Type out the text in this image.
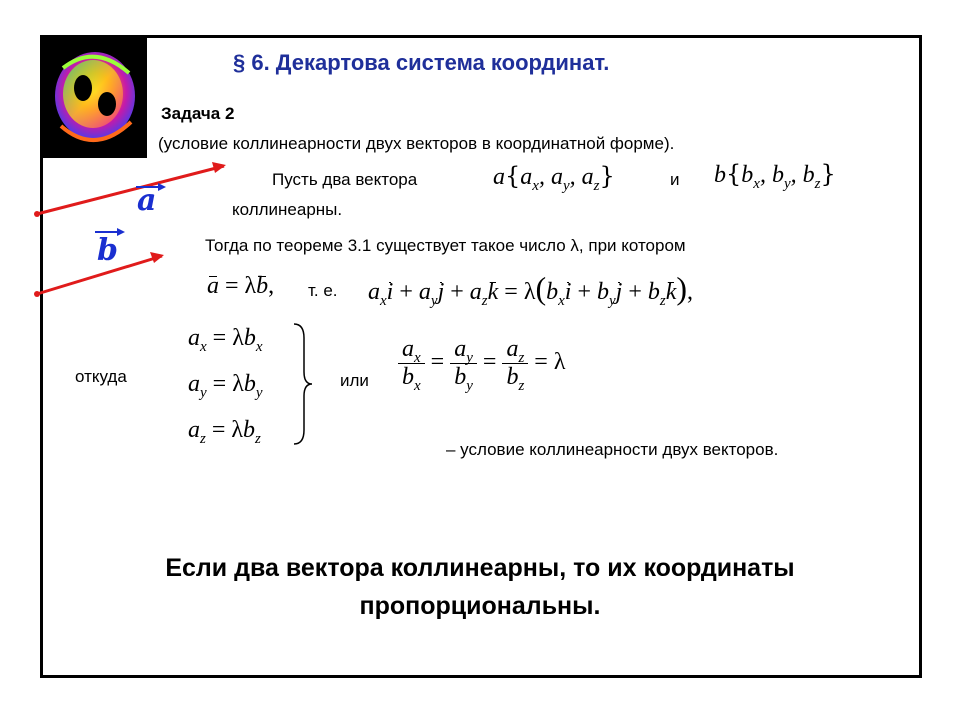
§ 6. Декартова система координат.
Задача 2
(условие коллинеарности двух векторов в координатной форме).
a
b
Пусть два вектора	$a\{a_x$, $a_y$, $a_z$}	и $b\{b_x$, $b_y$, $b_z$}
коллинеарны.
Тогда по теореме 3.1 существует такое число λ, при котором
a = λb, т. е. $a_xi + a_yj + a_zk = \lambda(b_xi + b_yj + b_zk)$,
откуда
$a_x = \lambda b_x$
$a_y = \lambda b_y$
$a_z = \lambda b_z$
или $\frac{a_x}{b_x} = \frac{a_y}{b_y} = \frac{a_z}{b_z} = \lambda$
– условие коллинеарности двух векторов.
Если два вектора коллинеарны, то их координаты
пропорциональны.
